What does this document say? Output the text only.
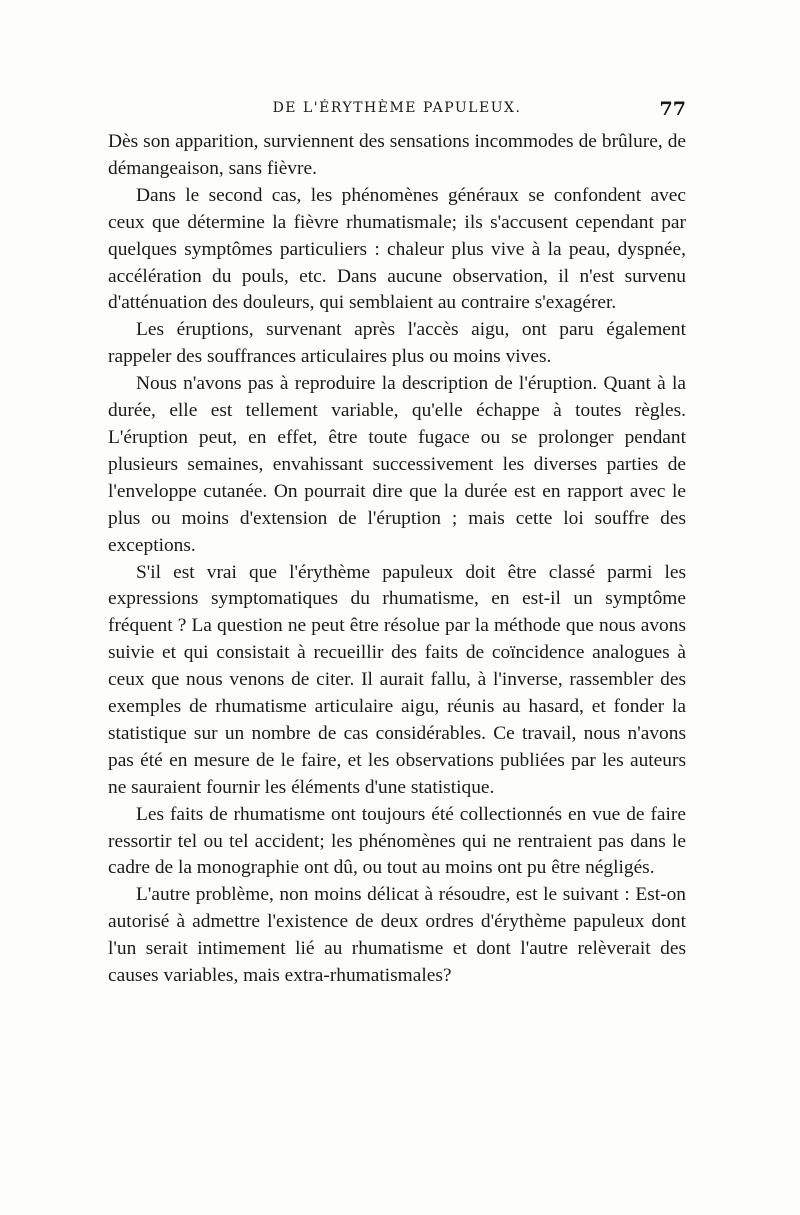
DE L'ÉRYTHÈME PAPULEUX.	77

Dès son apparition, surviennent des sensations incommodes de brûlure, de démangeaison, sans fièvre.

Dans le second cas, les phénomènes généraux se confondent avec ceux que détermine la fièvre rhumatismale; ils s'accusent cependant par quelques symptômes particuliers : chaleur plus vive à la peau, dyspnée, accélération du pouls, etc. Dans aucune observation, il n'est survenu d'atténuation des douleurs, qui semblaient au contraire s'exagérer.

Les éruptions, survenant après l'accès aigu, ont paru également rappeler des souffrances articulaires plus ou moins vives.

Nous n'avons pas à reproduire la description de l'éruption. Quant à la durée, elle est tellement variable, qu'elle échappe à toutes règles. L'éruption peut, en effet, être toute fugace ou se prolonger pendant plusieurs semaines, envahissant successivement les diverses parties de l'enveloppe cutanée. On pourrait dire que la durée est en rapport avec le plus ou moins d'extension de l'éruption ; mais cette loi souffre des exceptions.

S'il est vrai que l'érythème papuleux doit être classé parmi les expressions symptomatiques du rhumatisme, en est-il un symptôme fréquent ? La question ne peut être résolue par la méthode que nous avons suivie et qui consistait à recueillir des faits de coïncidence analogues à ceux que nous venons de citer. Il aurait fallu, à l'inverse, rassembler des exemples de rhumatisme articulaire aigu, réunis au hasard, et fonder la statistique sur un nombre de cas considérables. Ce travail, nous n'avons pas été en mesure de le faire, et les observations publiées par les auteurs ne sauraient fournir les éléments d'une statistique.

Les faits de rhumatisme ont toujours été collectionnés en vue de faire ressortir tel ou tel accident; les phénomènes qui ne rentraient pas dans le cadre de la monographie ont dû, ou tout au moins ont pu être négligés.

L'autre problème, non moins délicat à résoudre, est le suivant : Est-on autorisé à admettre l'existence de deux ordres d'érythème papuleux dont l'un serait intimement lié au rhumatisme et dont l'autre relèverait des causes variables, mais extra-rhumatismales?
